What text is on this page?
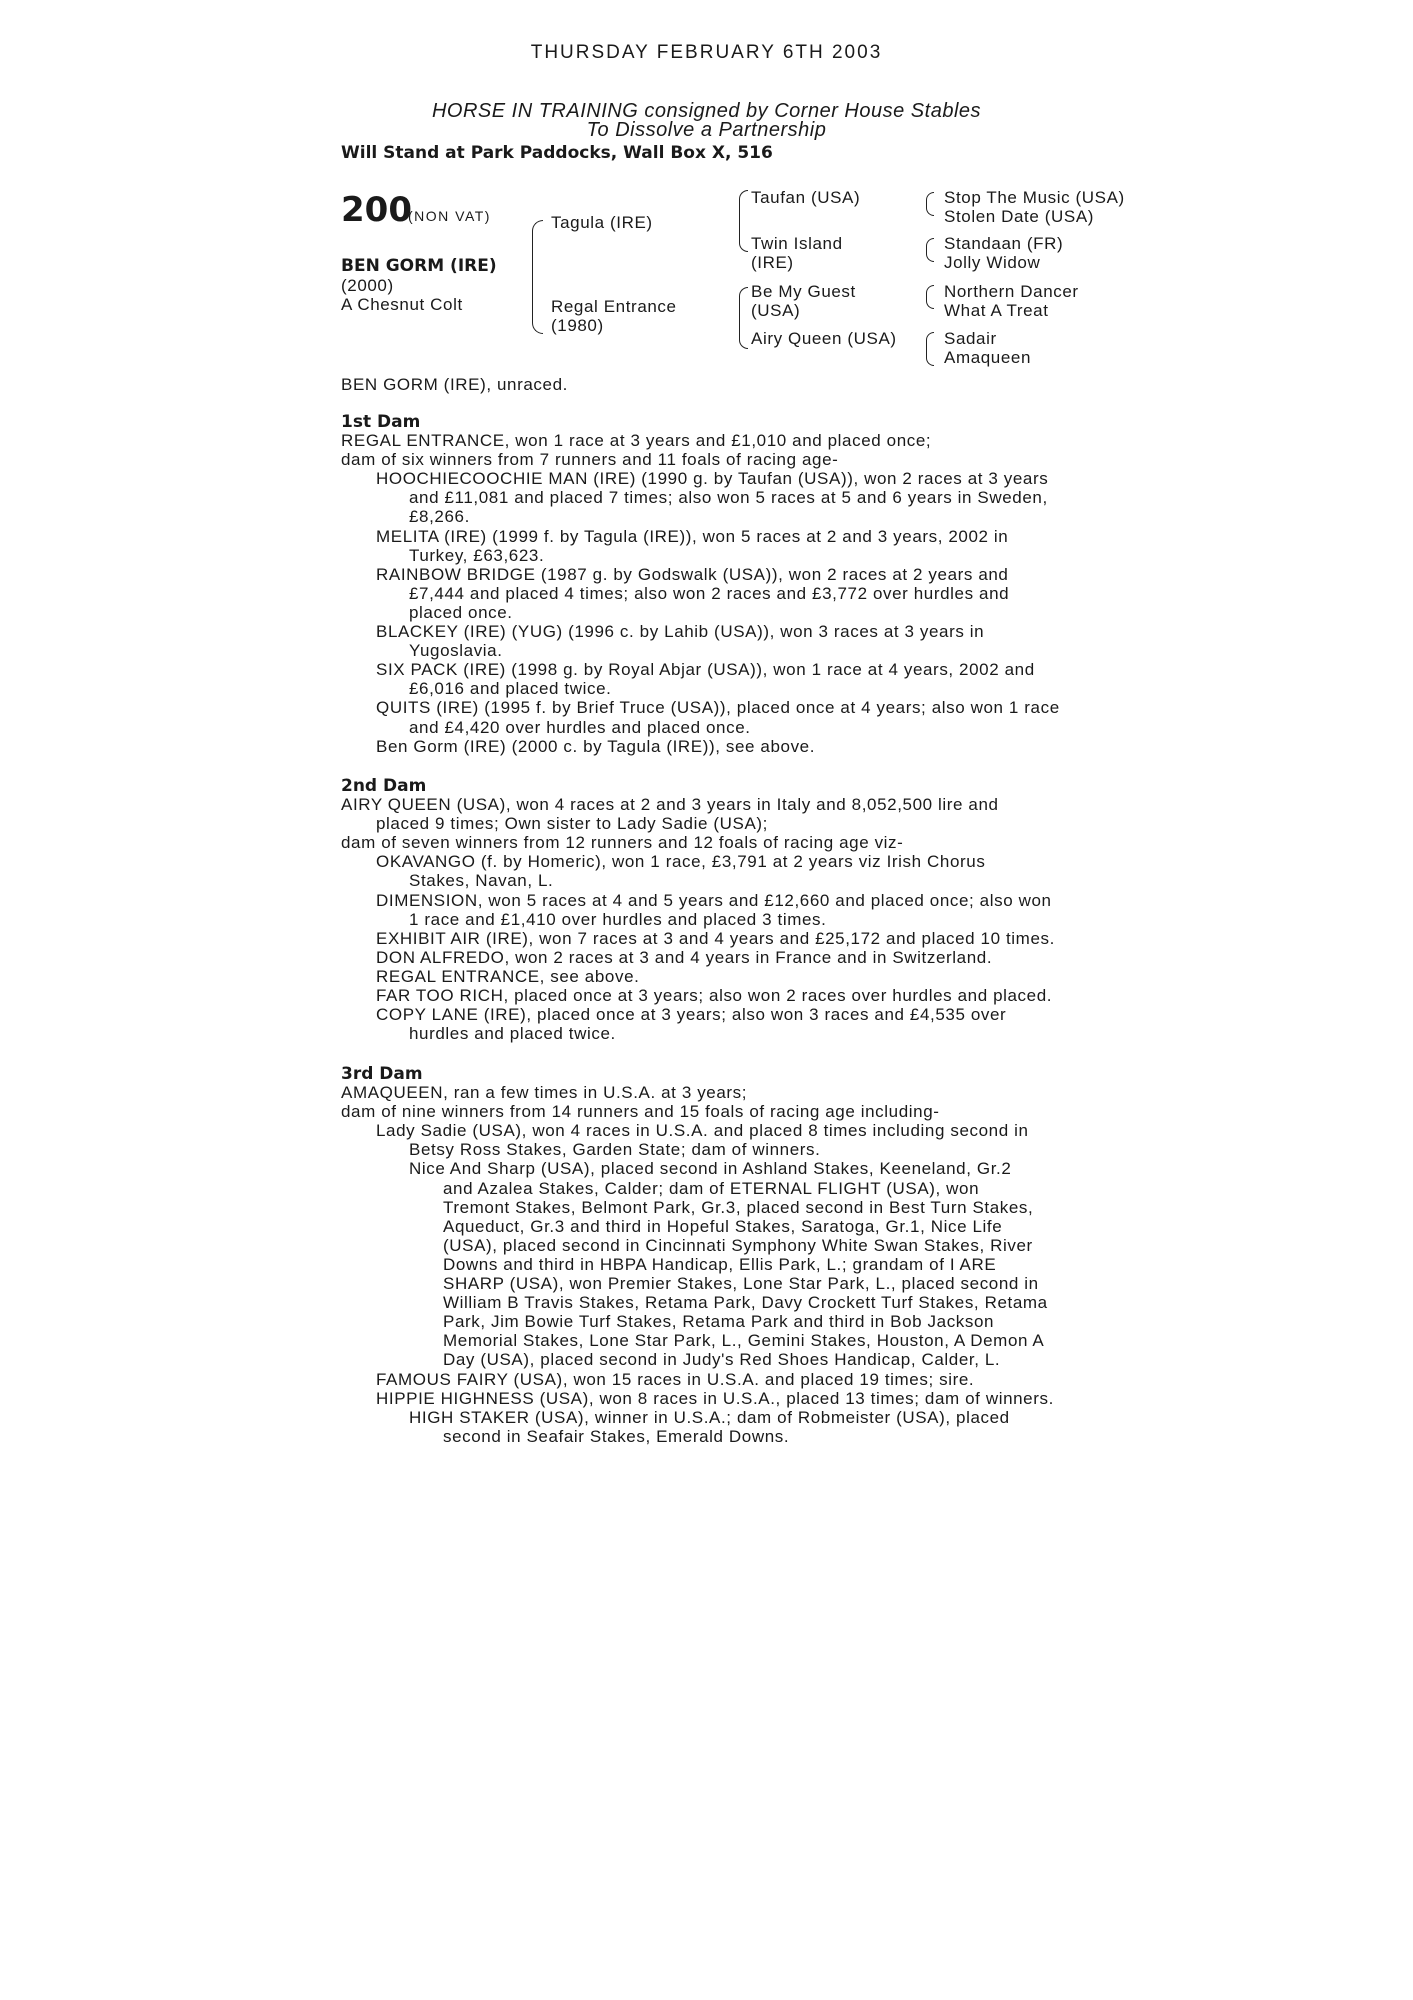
THURSDAY FEBRUARY 6TH 2003
HORSE IN TRAINING consigned by Corner House Stables
To Dissolve a Partnership
Will Stand at Park Paddocks, Wall Box X, 516
200
(NON VAT)
BEN GORM (IRE)
(2000)
A Chesnut Colt
Tagula (IRE)
Regal Entrance
(1980)
Taufan (USA)
Twin Island
(IRE)
Be My Guest
(USA)
Airy Queen (USA)
Stop The Music (USA)
Stolen Date (USA)
Standaan (FR)
Jolly Widow
Northern Dancer
What A Treat
Sadair
Amaqueen
BEN GORM (IRE), unraced.
1st Dam
REGAL ENTRANCE, won 1 race at 3 years and £1,010 and placed once;
dam of six winners from 7 runners and 11 foals of racing age-
HOOCHIECOOCHIE MAN (IRE) (1990 g. by Taufan (USA)), won 2 races at 3 years
and £11,081 and placed 7 times; also won 5 races at 5 and 6 years in Sweden,
£8,266.
MELITA (IRE) (1999 f. by Tagula (IRE)), won 5 races at 2 and 3 years, 2002 in
Turkey, £63,623.
RAINBOW BRIDGE (1987 g. by Godswalk (USA)), won 2 races at 2 years and
£7,444 and placed 4 times; also won 2 races and £3,772 over hurdles and
placed once.
BLACKEY (IRE) (YUG) (1996 c. by Lahib (USA)), won 3 races at 3 years in
Yugoslavia.
SIX PACK (IRE) (1998 g. by Royal Abjar (USA)), won 1 race at 4 years, 2002 and
£6,016 and placed twice.
QUITS (IRE) (1995 f. by Brief Truce (USA)), placed once at 4 years; also won 1 race
and £4,420 over hurdles and placed once.
Ben Gorm (IRE) (2000 c. by Tagula (IRE)), see above.
2nd Dam
AIRY QUEEN (USA), won 4 races at 2 and 3 years in Italy and 8,052,500 lire and
placed 9 times; Own sister to Lady Sadie (USA);
dam of seven winners from 12 runners and 12 foals of racing age viz-
OKAVANGO (f. by Homeric), won 1 race, £3,791 at 2 years viz Irish Chorus
Stakes, Navan, L.
DIMENSION, won 5 races at 4 and 5 years and £12,660 and placed once; also won
1 race and £1,410 over hurdles and placed 3 times.
EXHIBIT AIR (IRE), won 7 races at 3 and 4 years and £25,172 and placed 10 times.
DON ALFREDO, won 2 races at 3 and 4 years in France and in Switzerland.
REGAL ENTRANCE, see above.
FAR TOO RICH, placed once at 3 years; also won 2 races over hurdles and placed.
COPY LANE (IRE), placed once at 3 years; also won 3 races and £4,535 over
hurdles and placed twice.
3rd Dam
AMAQUEEN, ran a few times in U.S.A. at 3 years;
dam of nine winners from 14 runners and 15 foals of racing age including-
Lady Sadie (USA), won 4 races in U.S.A. and placed 8 times including second in
Betsy Ross Stakes, Garden State; dam of winners.
Nice And Sharp (USA), placed second in Ashland Stakes, Keeneland, Gr.2
and Azalea Stakes, Calder; dam of ETERNAL FLIGHT (USA), won
Tremont Stakes, Belmont Park, Gr.3, placed second in Best Turn Stakes,
Aqueduct, Gr.3 and third in Hopeful Stakes, Saratoga, Gr.1, Nice Life
(USA), placed second in Cincinnati Symphony White Swan Stakes, River
Downs and third in HBPA Handicap, Ellis Park, L.; grandam of I ARE
SHARP (USA), won Premier Stakes, Lone Star Park, L., placed second in
William B Travis Stakes, Retama Park, Davy Crockett Turf Stakes, Retama
Park, Jim Bowie Turf Stakes, Retama Park and third in Bob Jackson
Memorial Stakes, Lone Star Park, L., Gemini Stakes, Houston, A Demon A
Day (USA), placed second in Judy's Red Shoes Handicap, Calder, L.
FAMOUS FAIRY (USA), won 15 races in U.S.A. and placed 19 times; sire.
HIPPIE HIGHNESS (USA), won 8 races in U.S.A., placed 13 times; dam of winners.
HIGH STAKER (USA), winner in U.S.A.; dam of Robmeister (USA), placed
second in Seafair Stakes, Emerald Downs.
